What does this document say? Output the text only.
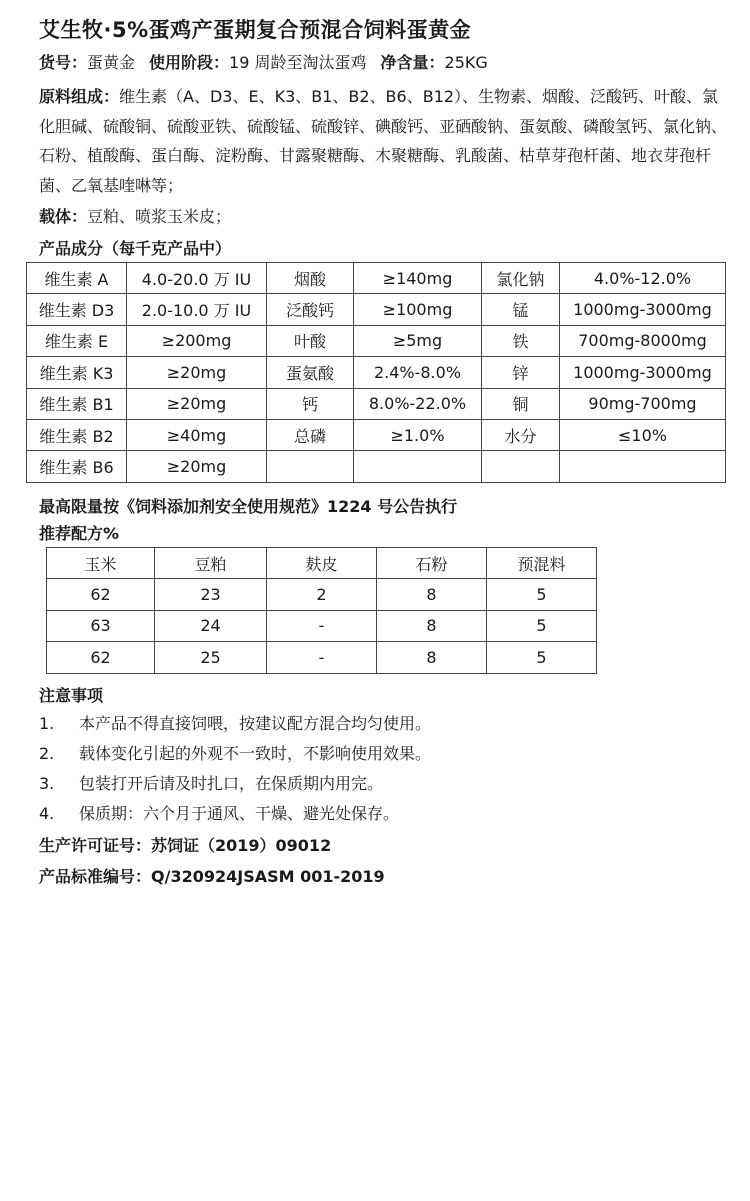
艾生牧·5%蛋鸡产蛋期复合预混合饲料蛋黄金
货号：蛋黄金 使用阶段：19 周龄至淘汰蛋鸡 净含量：25KG
原料组成：维生素（A、D3、E、K3、B1、B2、B6、B12）、生物素、烟酸、泛酸钙、叶酸、氯化胆碱、硫酸铜、硫酸亚铁、硫酸锰、硫酸锌、碘酸钙、亚硒酸钠、蛋氨酸、磷酸氢钙、氯化钠、石粉、植酸酶、蛋白酶、淀粉酶、甘露聚糖酶、木聚糖酶、乳酸菌、枯草芽孢杆菌、地衣芽孢杆菌、乙氧基喹啉等；
载体：豆粕、喷浆玉米皮；
产品成分（每千克产品中）
维生素 A	4.0-20.0 万 IU	烟酸	≥140mg	氯化钠	4.0%-12.0%
维生素 D3	2.0-10.0 万 IU	泛酸钙	≥100mg	锰	1000mg-3000mg
维生素 E	≥200mg	叶酸	≥5mg	铁	700mg-8000mg
维生素 K3	≥20mg	蛋氨酸	2.4%-8.0%	锌	1000mg-3000mg
维生素 B1	≥20mg	钙	8.0%-22.0%	铜	90mg-700mg
维生素 B2	≥40mg	总磷	≥1.0%	水分	≤10%
维生素 B6	≥20mg				
最高限量按《饲料添加剂安全使用规范》1224 号公告执行
推荐配方%
玉米	豆粕	麸皮	石粉	预混料
62	23	2	8	5
63	24	-	8	5
62	25	-	8	5
注意事项
1. 本产品不得直接饲喂，按建议配方混合均匀使用。
2. 载体变化引起的外观不一致时，不影响使用效果。
3. 包装打开后请及时扎口，在保质期内用完。
4. 保质期：六个月于通风、干燥、避光处保存。
生产许可证号：苏饲证（2019）09012
产品标准编号：Q/320924JSASM 001-2019
